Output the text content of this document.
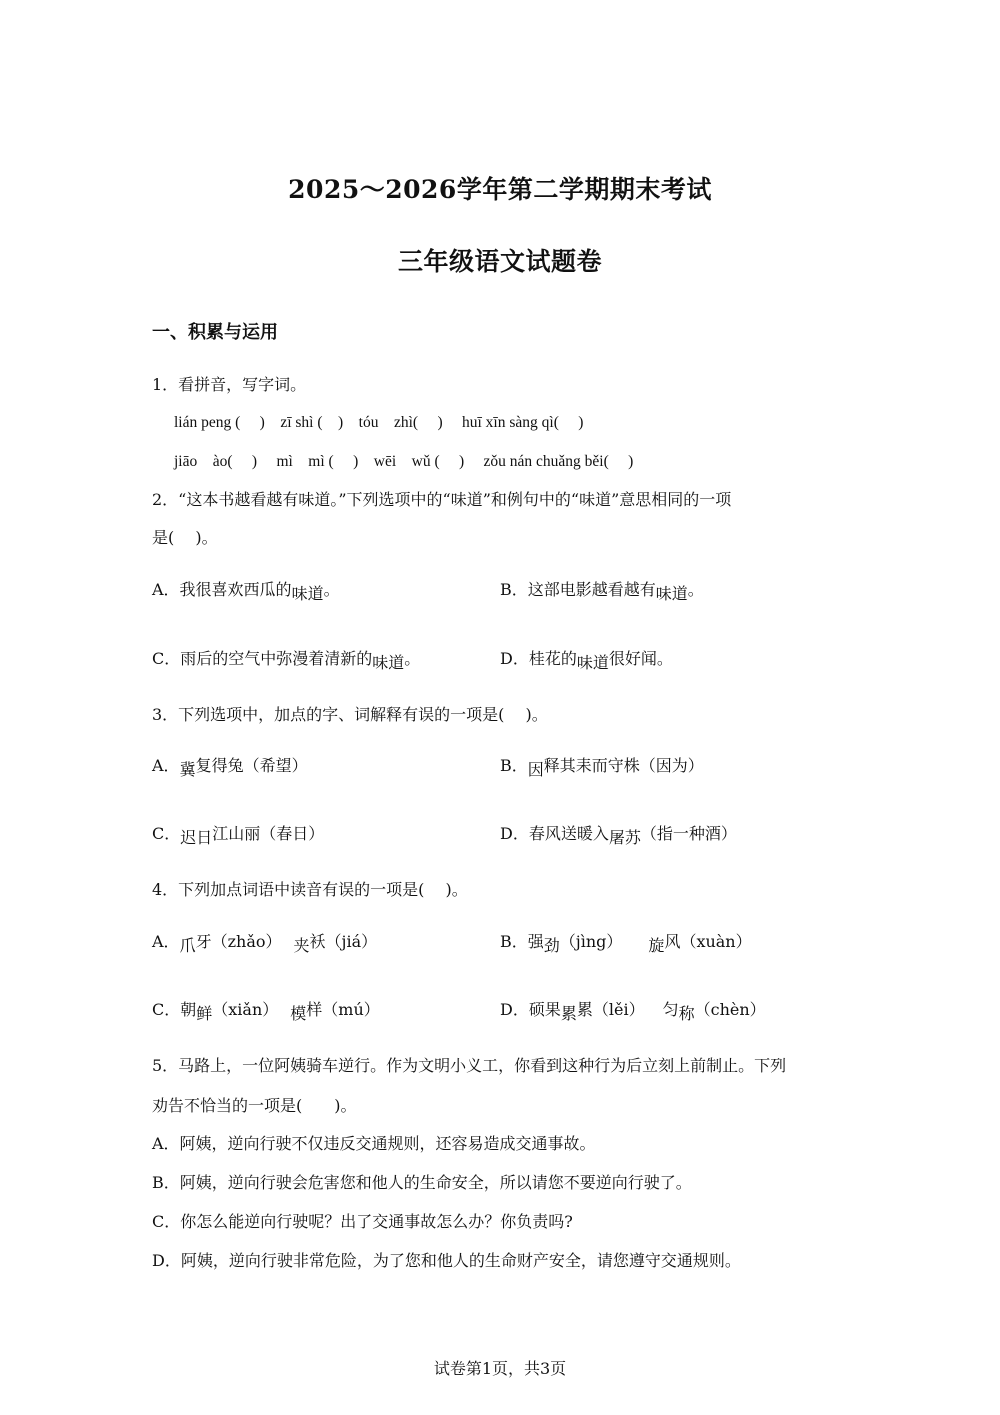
2025～2026学年第二学期期末考试
三年级语文试题卷
一、积累与运用
1．看拼音，写字词。
lián peng (　 )　zī shì (　)　tóu　zhì(　 )　 huī xīn sàng qì(　 )
jiāo　ào(　 )　 mì　mì (　 )　wēi　wǔ (　 )　 zǒu nán chuǎng běi(　 )
2．“这本书越看越有味道。”下列选项中的“味道”和例句中的“味道”意思相同的一项
是(　 )。
A．我很喜欢西瓜的味道。	B．这部电影越看越有味道。
C．雨后的空气中弥漫着清新的味道。	D．桂花的味道很好闻。
3．下列选项中，加点的字、词解释有误的一项是(　 )。
A．冀复得兔（希望）	B．因释其耒而守株（因为）
C．迟日江山丽（春日）	D．春风送暖入屠苏（指一种酒）
4．下列加点词语中读音有误的一项是(　 )。
A．爪牙（zhǎo） 夹袄（jiá）	B．强劲（jìng） 旋风（xuàn）
C．朝鲜（xiǎn） 模样（mú）	D．硕果累累（lěi） 匀称（chèn）
5．马路上，一位阿姨骑车逆行。作为文明小义工，你看到这种行为后立刻上前制止。下列
劝告不恰当的一项是(　　)。
A．阿姨，逆向行驶不仅违反交通规则，还容易造成交通事故。
B．阿姨，逆向行驶会危害您和他人的生命安全，所以请您不要逆向行驶了。
C．你怎么能逆向行驶呢？出了交通事故怎么办？你负责吗?
D．阿姨，逆向行驶非常危险，为了您和他人的生命财产安全，请您遵守交通规则。
试卷第1页，共3页
